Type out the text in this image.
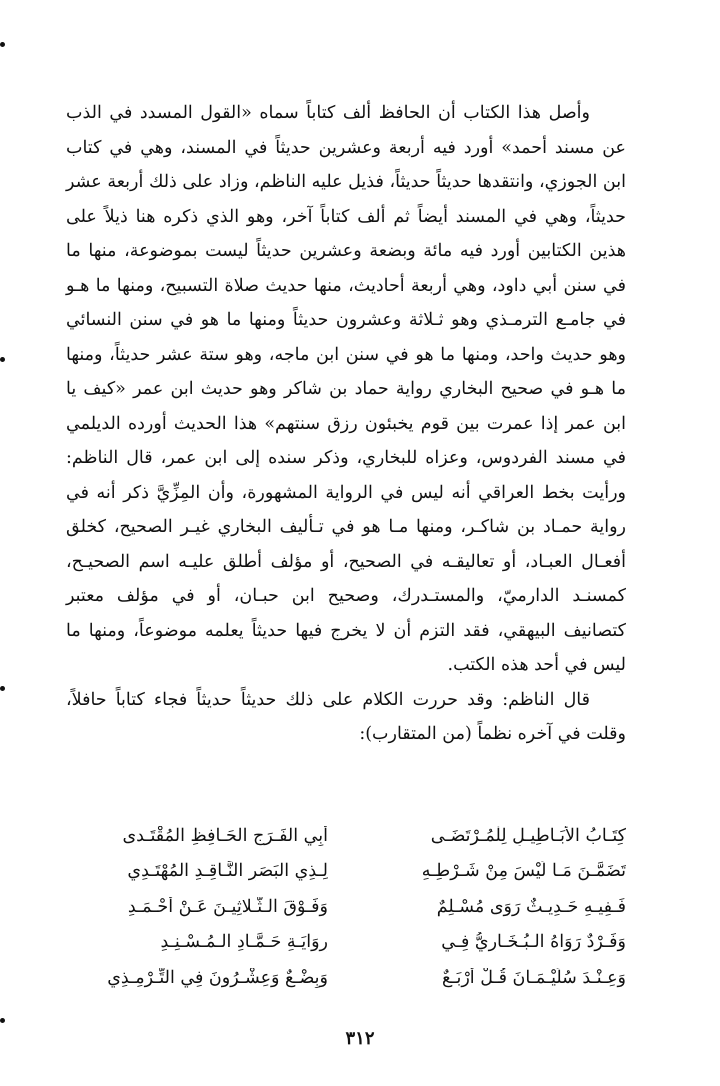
وأصل هذا الكتاب أن الحافظ ألف كتاباً سماه «القول المسدد في الذب عن مسند أحمد» أورد فيه أربعة وعشرين حديثاً في المسند، وهي في كتاب ابن الجوزي، وانتقدها حديثاً حديثاً، فذيل عليه الناظم، وزاد على ذلك أربعة عشر حديثاً، وهي في المسند أيضاً ثم ألف كتاباً آخر، وهو الذي ذكره هنا ذيلاً على هذين الكتابين أورد فيه مائة وبضعة وعشرين حديثاً ليست بموضوعة، منها ما في سنن أبي داود، وهي أربعة أحاديث، منها حديث صلاة التسبيح، ومنها ما هـو في جامـع الترمـذي وهو ثـلاثة وعشرون حديثاً ومنها ما هو في سنن النسائي وهو حديث واحد، ومنها ما هو في سنن ابن ماجه، وهو ستة عشر حديثاً، ومنها ما هـو في صحيح البخاري رواية حماد بن شاكر وهو حديث ابن عمر «كيف يا ابن عمر إذا عمرت بين قوم يخبئون رزق سنتهم» هذا الحديث أورده الديلمي في مسند الفردوس، وعزاه للبخاري، وذكر سنده إلى ابن عمر، قال الناظم: ورأيت بخط العراقي أنه ليس في الرواية المشهورة، وأن المِزِّيَّ ذكر أنه في رواية حمـاد بن شاكـر، ومنها مـا هو في تـأليف البخاري غيـر الصحيح، كخلق أفعـال العبـاد، أو تعاليقـه في الصحيح، أو مؤلف أطلق عليـه اسم الصحيـح، كمسنـد الدارميّ، والمستـدرك، وصحيح ابن حبـان، أو في مؤلف معتبر كتصانيف البيهقي، فقد التزم أن لا يخرج فيها حديثاً يعلمه موضوعاً، ومنها ما ليس في أحد هذه الكتب.

قال الناظم: وقد حررت الكلام على ذلك حديثاً حديثاً فجاء كتاباً حافلاً، وقلت في آخره نظماً (من المتقارب):

كِتَـابُ الأَبَـاطِيـلِ لِلْمُـرْتَضَـى
أَبِي الفَـرَجِ الحَـافِظِ المُقْتَـدى
تَضَمَّـنَ مَـا لَيْسَ مِنْ شَـرْطِـهِ
لِـذِي البَصَرِ النَّـاقِـدِ المُهْتَـدِي
فَـفِيـهِ حَـدِيـثٌ رَوَى مُسْـلِمٌ
وَفَـوْقَ الـثَّـلاثِيـنَ عَـنْ أَحْـمَـدِ
وَفَـرْدٌ رَوَاهُ الـبُـخَـارِيُّ فِـي
رِوَايَـةِ حَـمَّـادِ الـمُـسْـنِـدِ
وَعِـنْـدَ سُلَيْـمَـانَ قُـلْ أَرْبَـعٌ
وَبِضْـعٌ وَعِشْـرُونَ فِي التِّـرْمِـذِي
٣١٢
